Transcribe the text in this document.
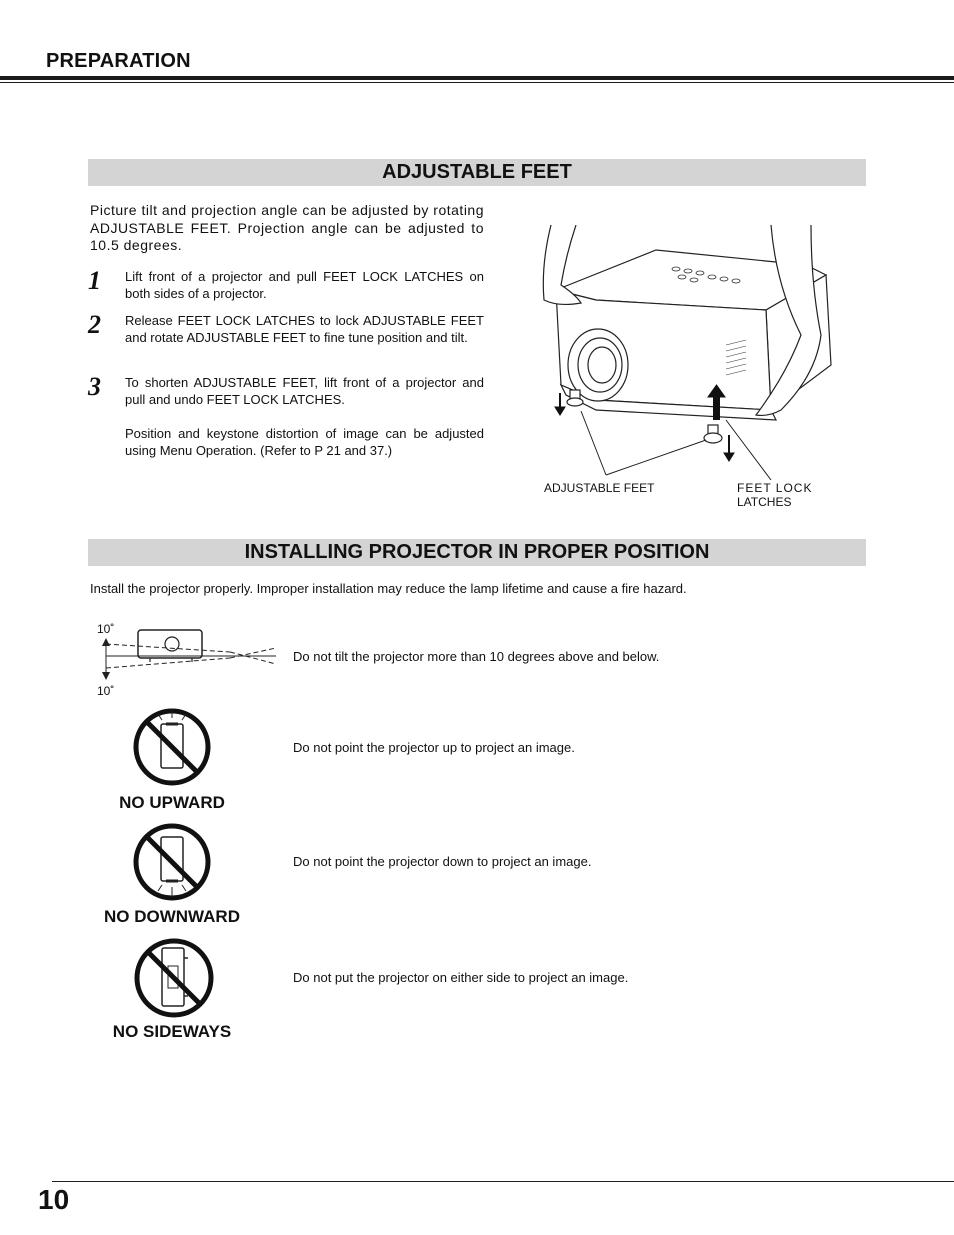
PREPARATION
ADJUSTABLE FEET
Picture tilt and projection angle can be adjusted by rotating ADJUSTABLE FEET. Projection angle can be adjusted to 10.5 degrees.
1 Lift front of a projector and pull FEET LOCK LATCHES on both sides of a projector.
2 Release FEET LOCK LATCHES to lock ADJUSTABLE FEET and rotate ADJUSTABLE FEET to fine tune position and tilt.
3 To shorten ADJUSTABLE FEET, lift front of a projector and pull and undo FEET LOCK LATCHES.
Position and keystone distortion of image can be adjusted using Menu Operation. (Refer to P 21 and 37.)
ADJUSTABLE FEET	FEET LOCK
LATCHES
INSTALLING PROJECTOR IN PROPER POSITION
Install the projector properly. Improper installation may reduce the lamp lifetime and cause a fire hazard.
10˚
10˚
Do not tilt the projector more than 10 degrees above and below.
NO UPWARD
Do not point the projector up to project an image.
NO DOWNWARD
Do not point the projector down to project an image.
NO SIDEWAYS
Do not put the projector on either side to project an image.
10
